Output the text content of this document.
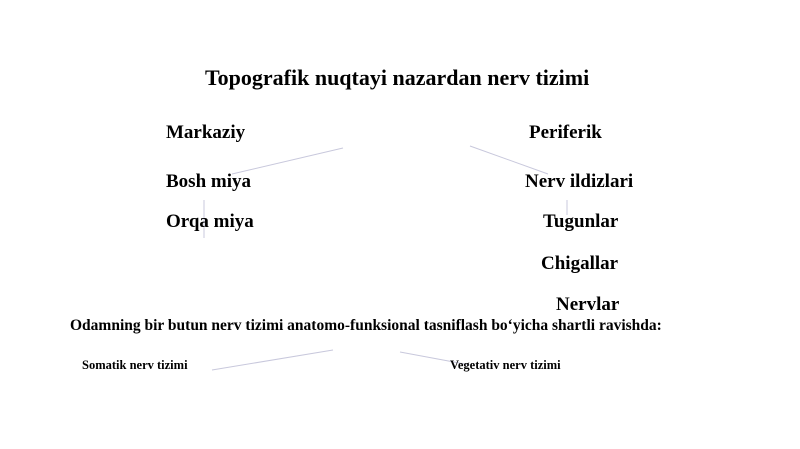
Topografik nuqtayi nazardan nerv tizimi
Markaziy
Bosh miya
Orqa miya
Periferik
Nerv ildizlari
Tugunlar
Chigallar
Nervlar
Odamning bir butun nerv tizimi anatomo-funksional tasniflash bo‘yicha shartli ravishda:
Somatik nerv tizimi	Vegetativ nerv tizimi
